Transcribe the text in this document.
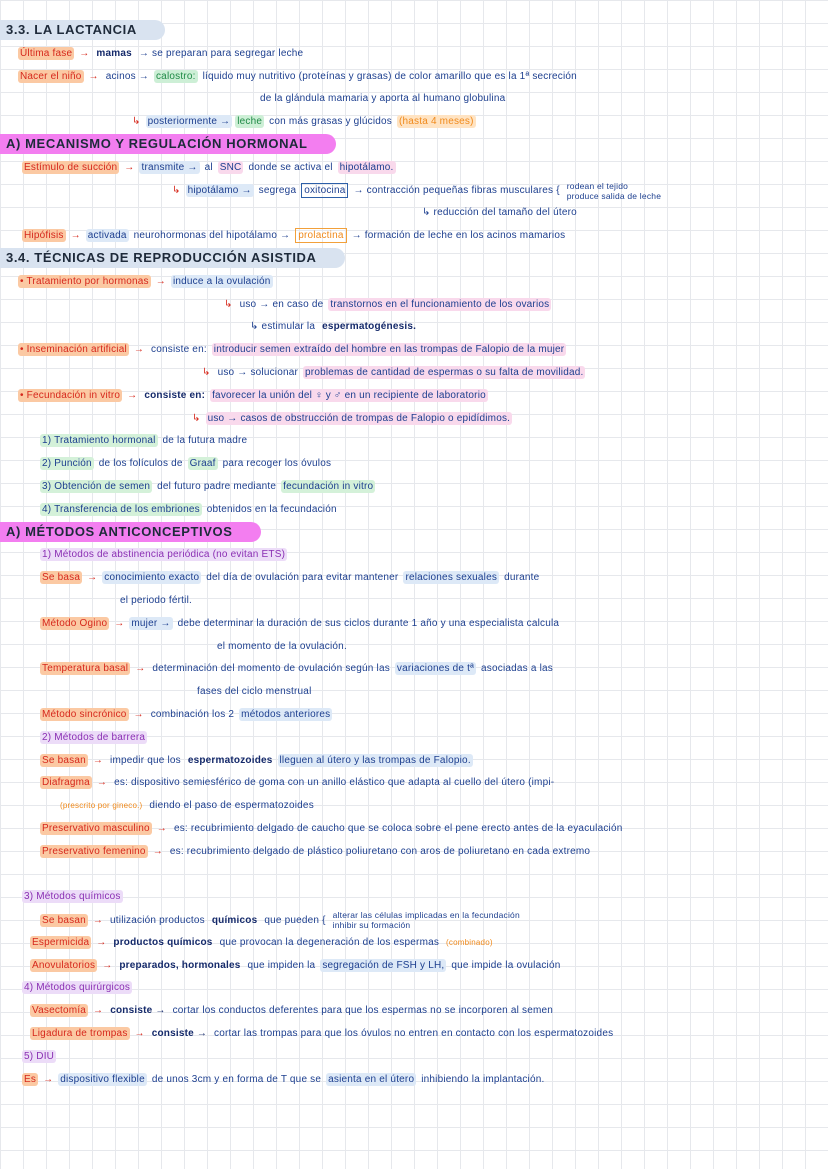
3.3. LA LACTANCIA
Última fase → mamas → se preparan para segregar leche
Nacer el niño → acinos → calostro: líquido muy nutritivo (proteínas y grasas) de color amarillo que es la 1ª secreción
de la glándula mamaria y aporta al humano globulina
↳ posteriormente → leche con más grasas y glúcidos (hasta 4 meses)
A) MECANISMO Y REGULACIÓN HORMONAL
Estímulo de succión → transmite → al SNC donde se activa el hipotálamo.
↳ hipotálamo → segrega oxitocina → contracción pequeñas fibras musculares { rodean el tejido
produce salida de leche
↳ reducción del tamaño del útero
Hipófisis → activada neurohormonas del hipotálamo → prolactina → formación de leche en los acinos mamarios
3.4. TÉCNICAS DE REPRODUCCIÓN ASISTIDA
• Tratamiento por hormonas → induce a la ovulación
↳ uso → en caso de transtornos en el funcionamiento de los ovarios
↳ estimular la espermatogénesis.
• Inseminación artificial → consiste en: introducir semen extraído del hombre en las trompas de Falopio de la mujer
↳ uso → solucionar problemas de cantidad de espermas o su falta de movilidad.
• Fecundación in vitro → consiste en: favorecer la unión del ♀ y ♂ en un recipiente de laboratorio
↳ uso → casos de obstrucción de trompas de Falopio o epidídimos.
1) Tratamiento hormonal de la futura madre
2) Punción de los folículos de Graaf para recoger los óvulos
3) Obtención de semen del futuro padre mediante fecundación in vitro
4) Transferencia de los embriones obtenidos en la fecundación
A) MÉTODOS ANTICONCEPTIVOS
1) Métodos de abstinencia periódica (no evitan ETS)
Se basa → conocimiento exacto del día de ovulación para evitar mantener relaciones sexuales durante
el periodo fértil.
Método Ogino → mujer → debe determinar la duración de sus ciclos durante 1 año y una especialista calcula
el momento de la ovulación.
Temperatura basal → determinación del momento de ovulación según las variaciones de tª asociadas a las
fases del ciclo menstrual
Método sincrónico → combinación los 2 métodos anteriores
2) Métodos de barrera
Se basan → impedir que los espermatozoides lleguen al útero y las trompas de Falopio.
Diafragma → es: dispositivo semiesférico de goma con un anillo elástico que adapta al cuello del útero (impi-
(prescrito por gineco.) diendo el paso de espermatozoides
Preservativo masculino → es: recubrimiento delgado de caucho que se coloca sobre el pene erecto antes de la eyaculación
Preservativo femenino → es: recubrimiento delgado de plástico poliuretano con aros de poliuretano en cada extremo
3) Métodos químicos
Se basan → utilización productos químicos que pueden { alterar las células implicadas en la fecundación
inhibir su formación
Espermicida → productos químicos que provocan la degeneración de los espermas (combinado)
Anovulatorios → preparados, hormonales que impiden la segregación de FSH y LH, que impide la ovulación
4) Métodos quirúrgicos
Vasectomía → consiste → cortar los conductos deferentes para que los espermas no se incorporen al semen
Ligadura de trompas → consiste → cortar las trompas para que los óvulos no entren en contacto con los espermatozoides
5) DIU
Es → dispositivo flexible de unos 3cm y en forma de T que se asienta en el útero inhibiendo la implantación.
